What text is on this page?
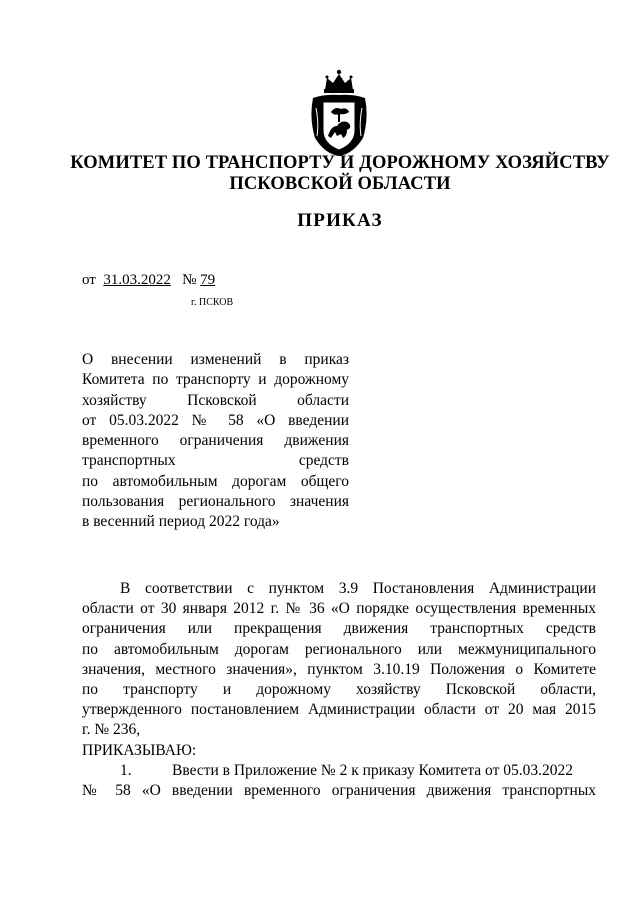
КОМИТЕТ ПО ТРАНСПОРТУ И ДОРОЖНОМУ ХОЗЯЙСТВУ
ПСКОВСКОЙ ОБЛАСТИ
ПРИКАЗ
от 31.03.2022 № 79
г. ПСКОВ
О внесении изменений в приказ
Комитета по транспорту и дорожному
хозяйству Псковской области
от 05.03.2022 № 58 «О введении
временного ограничения движения
транспортных средств
по автомобильным дорогам общего
пользования регионального значения
в весенний период 2022 года»
В соответствии с пунктом 3.9 Постановления Администрации
области от 30 января 2012 г. № 36 «О порядке осуществления временных
ограничения или прекращения движения транспортных средств
по автомобильным дорогам регионального или межмуниципального
значения, местного значения», пунктом 3.10.19 Положения о Комитете
по транспорту и дорожному хозяйству Псковской области,
утвержденного постановлением Администрации области от 20 мая 2015
г. № 236,
ПРИКАЗЫВАЮ:
1.	Ввести в Приложение № 2 к приказу Комитета от 05.03.2022
№ 58 «О введении временного ограничения движения транспортных
